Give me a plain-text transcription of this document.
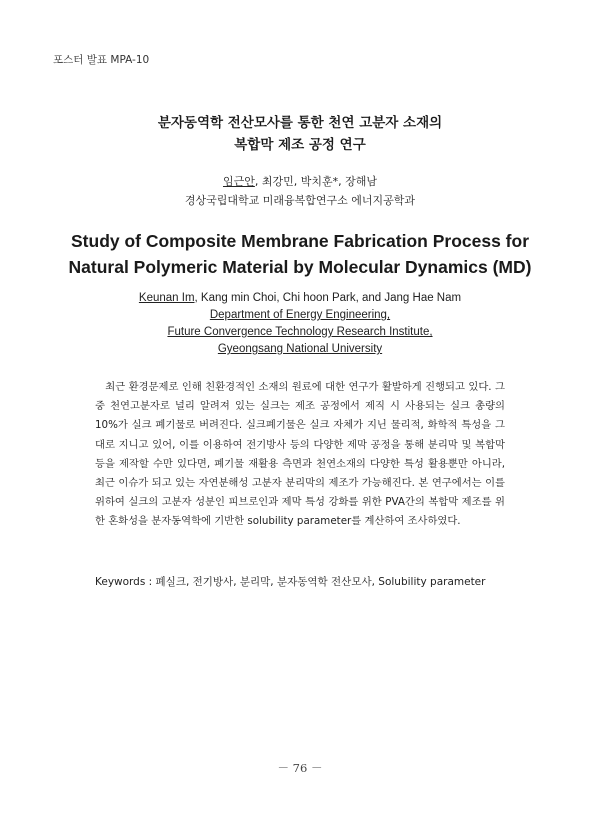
포스터 발표 MPA-10
분자동역학 전산모사를 통한 천연 고분자 소재의
복합막 제조 공정 연구
임근안, 최강민, 박치훈*, 장해남
경상국립대학교 미래융복합연구소 에너지공학과
Study of Composite Membrane Fabrication Process for
Natural Polymeric Material by Molecular Dynamics (MD)
Keunan Im, Kang min Choi, Chi hoon Park, and Jang Hae Nam
Department of Energy Engineering,
Future Convergence Technology Research Institute,
Gyeongsang National University

최근 환경문제로 인해 친환경적인 소재의 원료에 대한 연구가 활발하게 진행되고 있다. 그 중 천연고분자로 널리 알려져 있는 실크는 제조 공정에서 제직 시 사용되는 실크 총량의 10%가 실크 폐기물로 버려진다. 실크폐기물은 실크 자체가 지닌 물리적, 화학적 특성을 그대로 지니고 있어, 이를 이용하여 전기방사 등의 다양한 제막 공정을 통해 분리막 및 복합막 등을 제작할 수만 있다면, 폐기물 재활용 측면과 천연소재의 다양한 특성 활용뿐만 아니라, 최근 이슈가 되고 있는 자연분해성 고분자 분리막의 제조가 가능해진다. 본 연구에서는 이를 위하여 실크의 고분자 성분인 피브로인과 제막 특성 강화를 위한 PVA간의 복합막 제조를 위한 혼화성을 분자동역학에 기반한 solubility parameter를 계산하여 조사하였다.

Keywords : 폐실크, 전기방사, 분리막, 분자동역학 전산모사, Solubility parameter
－ 76 －
